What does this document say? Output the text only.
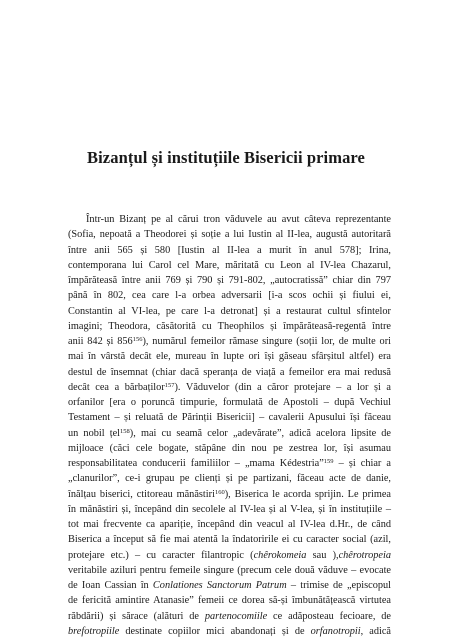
Bizanțul și instituțiile Bisericii primare
Într-un Bizanț pe al cărui tron văduvele au avut câteva reprezentante
(Sofia, nepoată a Theodorei și soție a lui Iustin al II-lea, augustă autoritară
între anii 565 și 580 [Iustin al II-lea a murit în anul 578]; Irina,
contemporana lui Carol cel Mare, măritată cu Leon al IV-lea Chazarul,
împărăteasă între anii 769 și 790 și 791-802, „autocratissă” chiar din 797
până în 802, cea care l-a orbea adversarii [i-a scos ochii și fiului ei,
Constantin al VI-lea, pe care l-a detronat] și a restaurat cultul sfintelor
imagini; Theodora, căsătorită cu Theophilos și împărăteasă-regentă între
anii 842 și $856^{156}$), numărul femeilor rămase singure (soții lor, de multe ori
mai în vârstă decât ele, mureau în lupte ori își găseau sfârșitul altfel) era
destul de însemnat (chiar dacă speranța de viață a femeilor era mai redusă
decât cea a bărbaților$^{157}$). Văduvelor (din a căror protejare – a lor și a
orfanilor [era o poruncă timpurie, formulată de Apostoli – după Vechiul
Testament – și reluată de Părinții Bisericii] – cavalerii Apusului își făceau
un nobil țel$^{158}$), mai cu seamă celor „adevărate”, adică acelora lipsite de
mijloace (căci cele bogate, stăpâne din nou pe zestrea lor, își asumau
responsabilitatea conducerii familiilor – „mama Kédestria”$^{159}$ – și chiar a
„clanurilor”, ce-i grupau pe clienți și pe partizani, făceau acte de danie,
înălțau biserici, ctitoreau mănăstiri$^{160}$), Biserica le acorda sprijin. Le primea
în mănăstiri și, începând din secolele al IV-lea și al V-lea, și în instituțiile –
tot mai frecvente ca apariție, începând din veacul al IV-lea d.Hr., de când
Biserica a început să fie mai atentă la îndatoririle ei cu caracter social (azil,
protejare etc.) – cu caracter filantropic (chêrokomeia sau ),chêrotropeia
veritabile aziluri pentru femeile singure (precum cele două văduve – evocate
de Ioan Cassian în Conlationes Sanctorum Patrum – trimise de „episcopul
de fericită amintire Atanasie” femeii ce dorea să-și îmbunătățească virtutea
răbdării) și sărace (alături de partenocomiile ce adăposteau fecioare, de
brefotropiile destinate copiilor mici abandonați și de orfanotropii, adică
